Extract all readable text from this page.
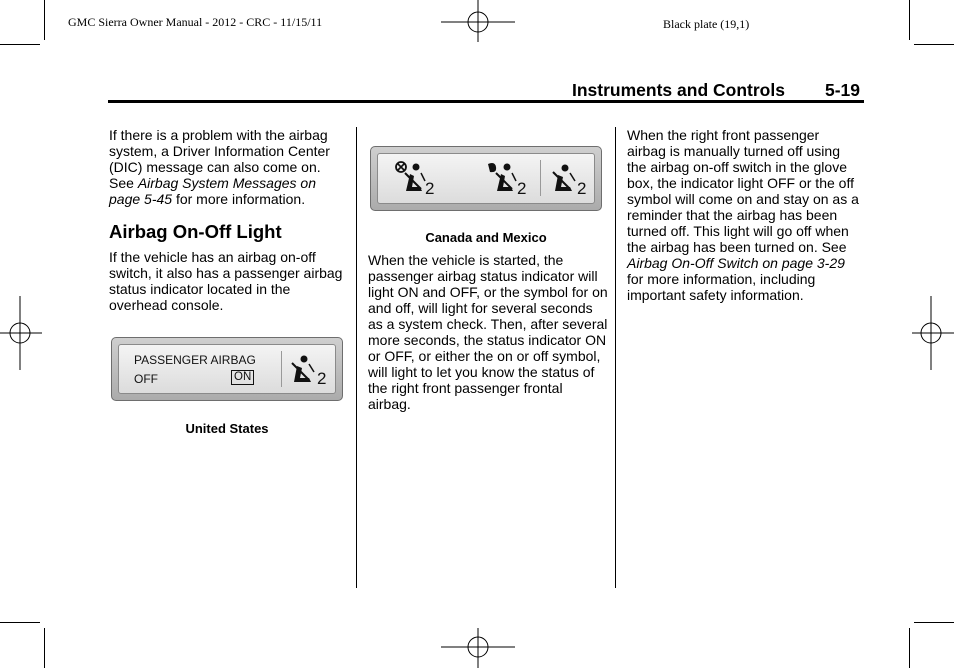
GMC Sierra Owner Manual - 2012 - CRC - 11/15/11	Black plate (19,1)
Instruments and Controls 5-19

If there is a problem with the airbag system, a Driver Information Center (DIC) message can also come on. See Airbag System Messages on page 5-45 for more information.

Airbag On-Off Light

If the vehicle has an airbag on-off switch, it also has a passenger airbag status indicator located in the overhead console.

PASSENGER AIRBAG
OFF	ON	2
United States
2	2	2
Canada and Mexico

When the vehicle is started, the passenger airbag status indicator will light ON and OFF, or the symbol for on and off, will light for several seconds as a system check. Then, after several more seconds, the status indicator ON or OFF, or either the on or off symbol, will light to let you know the status of the right front passenger frontal airbag.

When the right front passenger airbag is manually turned off using the airbag on-off switch in the glove box, the indicator light OFF or the off symbol will come on and stay on as a reminder that the airbag has been turned off. This light will go off when the airbag has been turned on. See Airbag On-Off Switch on page 3-29 for more information, including important safety information.
